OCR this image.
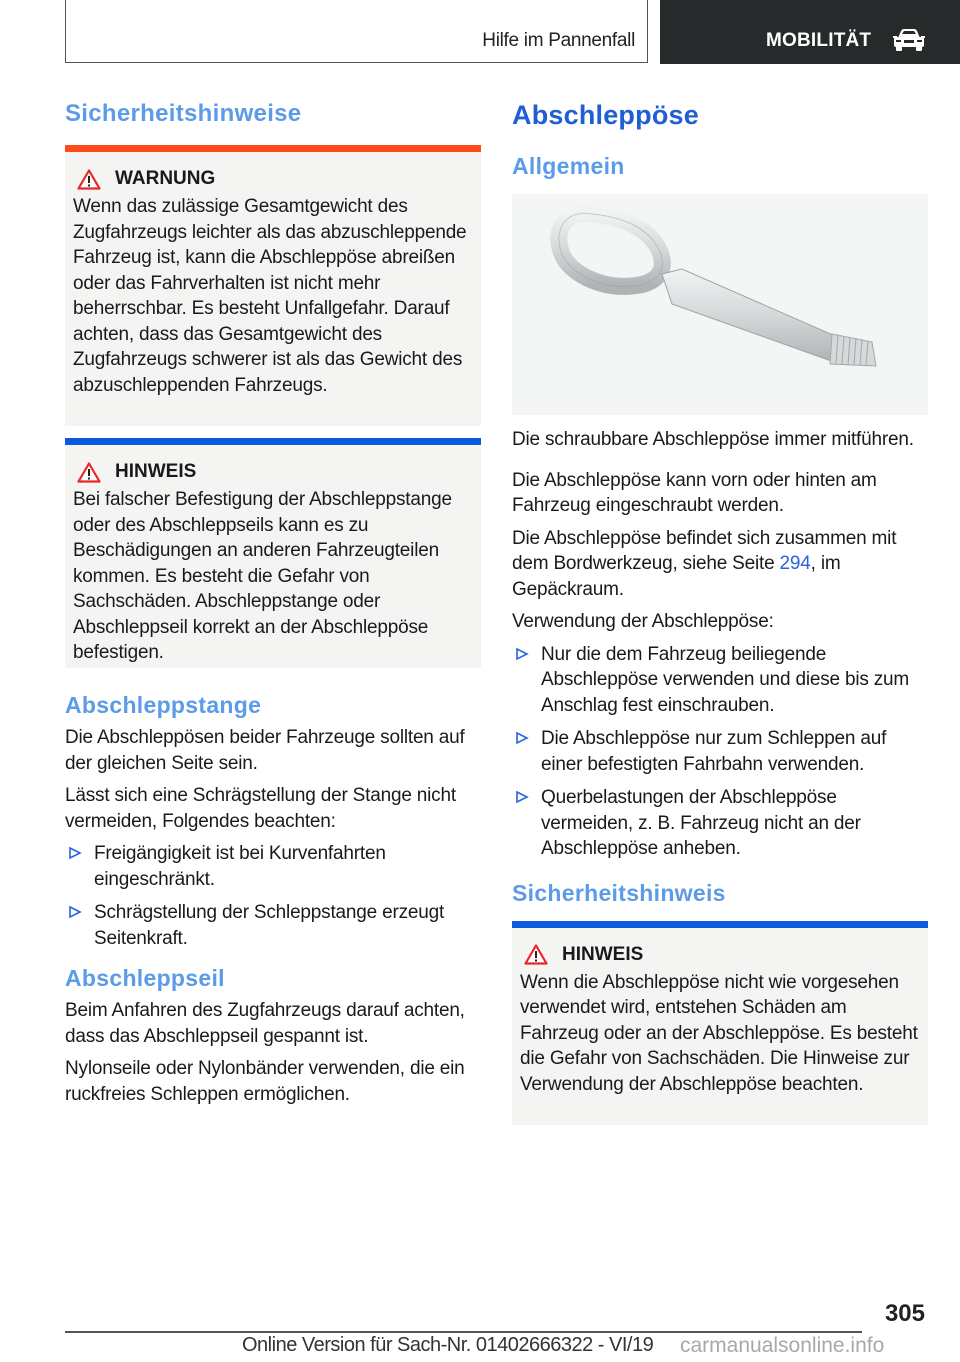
Hilfe im Pannenfall	MOBILITÄT
Sicherheitshinweise
WARNUNG

Wenn das zulässige Gesamtgewicht des Zugfahrzeugs leichter als das abzuschleppende Fahrzeug ist, kann die Abschleppöse abreißen oder das Fahrverhalten ist nicht mehr beherrschbar. Es besteht Unfallgefahr. Darauf achten, dass das Gesamtgewicht des Zugfahrzeugs schwerer ist als das Gewicht des abzuschleppenden Fahrzeugs.

HINWEIS

Bei falscher Befestigung der Abschleppstange oder des Abschleppseils kann es zu Beschädigungen an anderen Fahrzeugteilen kommen. Es besteht die Gefahr von Sachschäden. Abschleppstange oder Abschleppseil korrekt an der Abschleppöse befestigen.

Abschleppstange

Die Abschleppösen beider Fahrzeuge sollten auf der gleichen Seite sein.

Lässt sich eine Schrägstellung der Stange nicht vermeiden, Folgendes beachten:

Freigängigkeit ist bei Kurvenfahrten eingeschränkt.
Schrägstellung der Schleppstange erzeugt Seitenkraft.
Abschleppseil

Beim Anfahren des Zugfahrzeugs darauf achten, dass das Abschleppseil gespannt ist.

Nylonseile oder Nylonbänder verwenden, die ein ruckfreies Schleppen ermöglichen.

Abschleppöse
Allgemein

Die schraubbare Abschleppöse immer mitführen.

Die Abschleppöse kann vorn oder hinten am Fahrzeug eingeschraubt werden.

Die Abschleppöse befindet sich zusammen mit dem Bordwerkzeug, siehe Seite 294, im Gepäckraum.

Verwendung der Abschleppöse:

Nur die dem Fahrzeug beiliegende Abschleppöse verwenden und diese bis zum Anschlag fest einschrauben.
Die Abschleppöse nur zum Schleppen auf einer befestigten Fahrbahn verwenden.
Querbelastungen der Abschleppöse vermeiden, z. B. Fahrzeug nicht an der Abschleppöse anheben.
Sicherheitshinweis
HINWEIS

Wenn die Abschleppöse nicht wie vorgesehen verwendet wird, entstehen Schäden am Fahrzeug oder an der Abschleppöse. Es besteht die Gefahr von Sachschäden. Die Hinweise zur Verwendung der Abschleppöse beachten.

305
Online Version für Sach-Nr. 01402666322 - VI/19 carmanualsonline.info
